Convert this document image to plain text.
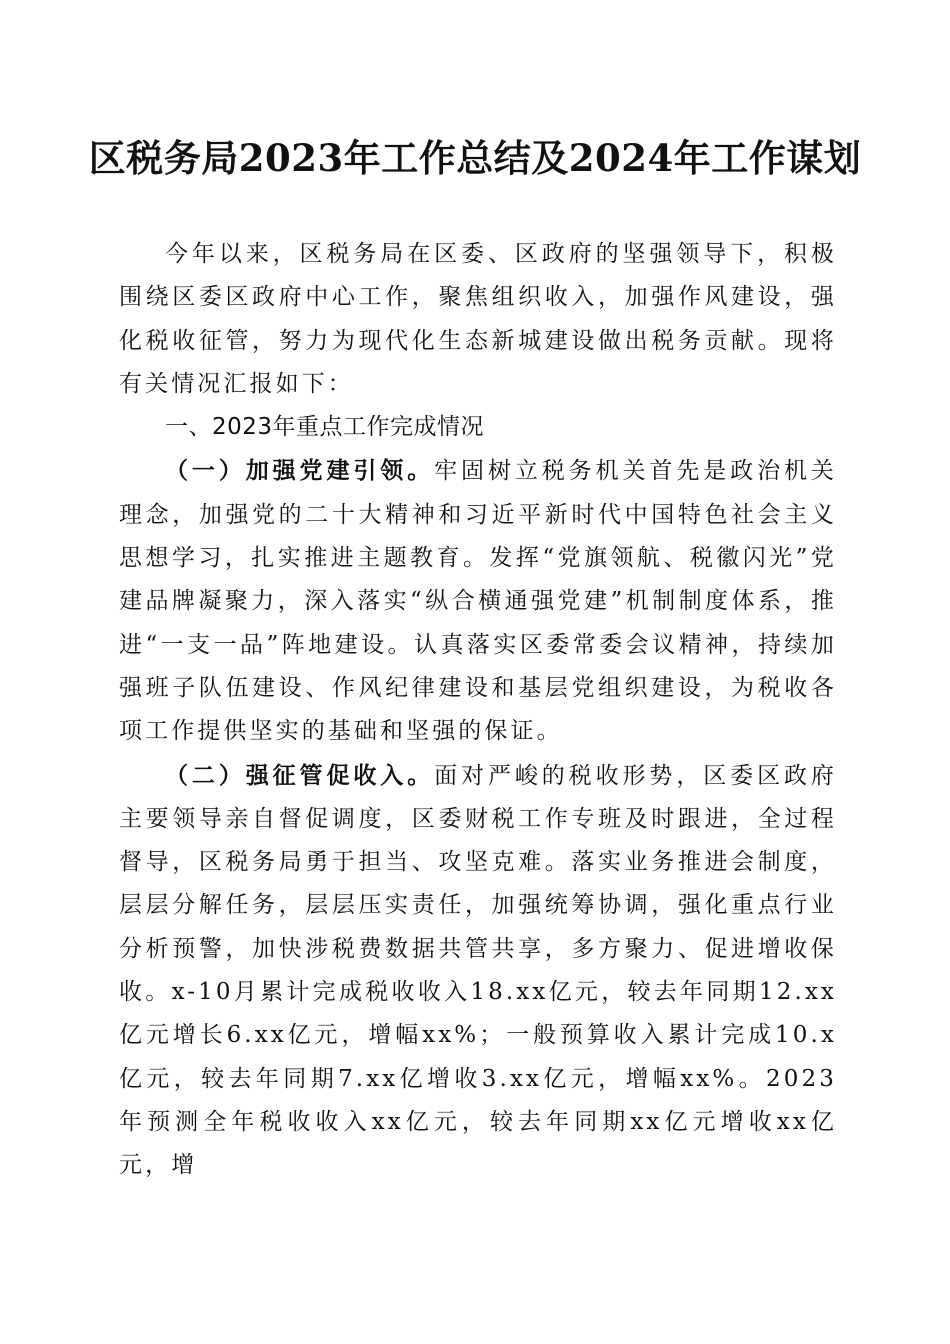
区税务局2023年工作总结及2024年工作谋划

今年以来，区税务局在区委、区政府的坚强领导下，积极围绕区委区政府中心工作，聚焦组织收入，加强作风建设，强化税收征管，努力为现代化生态新城建设做出税务贡献。现将有关情况汇报如下：

一、2023年重点工作完成情况

（一）加强党建引领。牢固树立税务机关首先是政治机关理念，加强党的二十大精神和习近平新时代中国特色社会主义思想学习，扎实推进主题教育。发挥“党旗领航、税徽闪光”党建品牌凝聚力，深入落实“纵合横通强党建”机制制度体系，推进“一支一品”阵地建设。认真落实区委常委会议精神，持续加强班子队伍建设、作风纪律建设和基层党组织建设，为税收各项工作提供坚实的基础和坚强的保证。

（二）强征管促收入。面对严峻的税收形势，区委区政府主要领导亲自督促调度，区委财税工作专班及时跟进，全过程督导，区税务局勇于担当、攻坚克难。落实业务推进会制度，层层分解任务，层层压实责任，加强统筹协调，强化重点行业分析预警，加快涉税费数据共管共享，多方聚力、促进增收保收。x-10月累计完成税收收入18.xx亿元，较去年同期12.xx亿元增长6.xx亿元，增幅xx%；一般预算收入累计完成10.x亿元，较去年同期7.xx亿增收3.xx亿元，增幅xx%。2023年预测全年税收收入xx亿元，较去年同期xx亿元增收xx亿元，增
